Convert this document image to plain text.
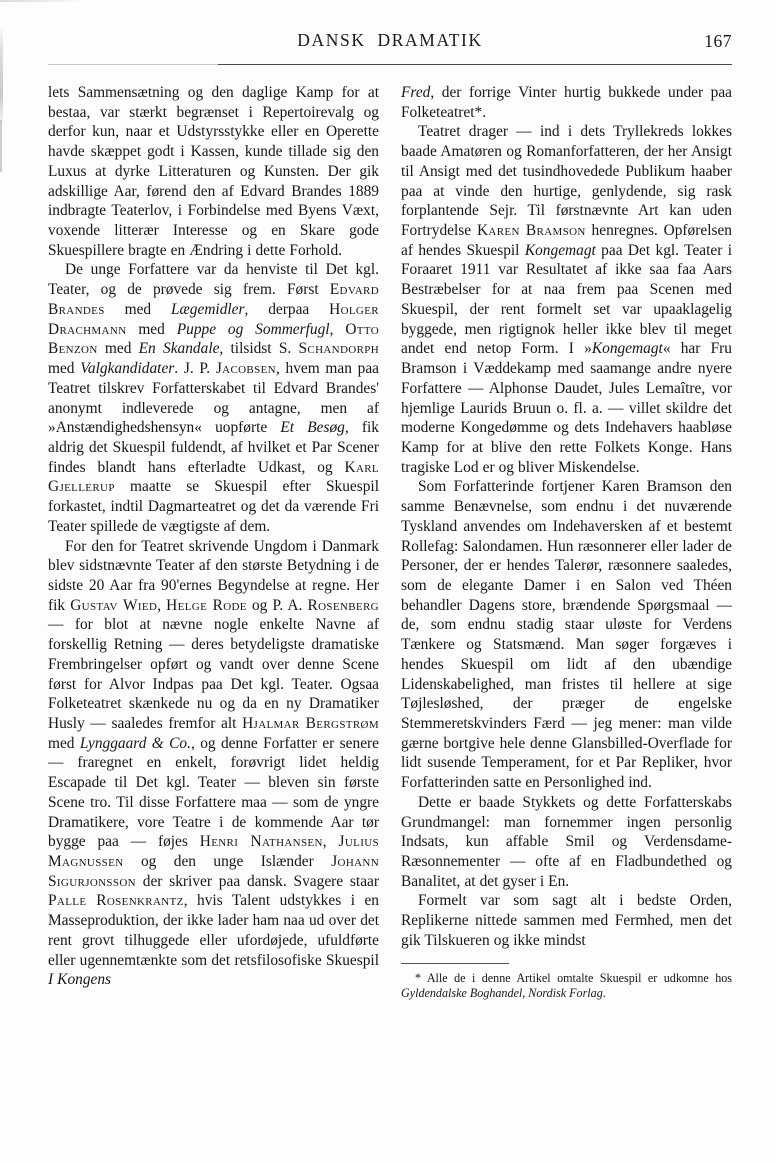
DANSK  DRAMATIK	167

lets Sammensætning og den daglige Kamp for at bestaa, var stærkt begrænset i Repertoirevalg og derfor kun, naar et Udstyrsstykke eller en Operette havde skæppet godt i Kassen, kunde tillade sig den Luxus at dyrke Litteraturen og Kunsten. Der gik adskillige Aar, førend den af Edvard Brandes 1889 indbragte Teaterlov, i Forbindelse med Byens Væxt, voxende litterær Interesse og en Skare gode Skuespillere bragte en Ændring i dette Forhold.

De unge Forfattere var da henviste til Det kgl. Teater, og de prøvede sig frem. Først Edvard Brandes med Lægemidler, derpaa Holger Drachmann med Puppe og Sommerfugl, Otto Benzon med En Skandale, tilsidst S. Schandorph med Valgkandidater. J. P. Jacobsen, hvem man paa Teatret tilskrev Forfatterskabet til Edvard Brandes' anonymt indleverede og antagne, men af »Anstændighedshensyn« uopførte Et Besøg, fik aldrig det Skuespil fuldendt, af hvilket et Par Scener findes blandt hans efterladte Udkast, og Karl Gjellerup maatte se Skuespil efter Skuespil forkastet, indtil Dagmarteatret og det da værende Fri Teater spillede de vægtigste af dem.

For den for Teatret skrivende Ungdom i Danmark blev sidstnævnte Teater af den største Betydning i de sidste 20 Aar fra 90'ernes Begyndelse at regne. Her fik Gustav Wied, Helge Rode og P. A. Rosenberg — for blot at nævne nogle enkelte Navne af forskellig Retning — deres betydeligste dramatiske Frembringelser opført og vandt over denne Scene først for Alvor Indpas paa Det kgl. Teater. Ogsaa Folketeatret skænkede nu og da en ny Dramatiker Husly — saaledes fremfor alt Hjalmar Bergstrøm med Lynggaard & Co., og denne Forfatter er senere — fraregnet en enkelt, forøvrigt lidet heldig Escapade til Det kgl. Teater — bleven sin første Scene tro. Til disse Forfattere maa — som de yngre Dramatikere, vore Teatre i de kommende Aar tør bygge paa — føjes Henri Nathansen, Julius Magnussen og den unge Islænder Johann Sigurjonsson der skriver paa dansk. Svagere staar Palle Rosenkrantz, hvis Talent udstykkes i en Masseproduktion, der ikke lader ham naa ud over det rent grovt tilhuggede eller ufordøjede, ufuldførte eller ugennemtænkte som det retsfilosofiske Skuespil I Kongens

Fred, der forrige Vinter hurtig bukkede under paa Folketeatret*.

Teatret drager — ind i dets Tryllekreds lokkes baade Amatøren og Romanforfatteren, der her Ansigt til Ansigt med det tusindhovedede Publikum haaber paa at vinde den hurtige, genlydende, sig rask forplantende Sejr. Til førstnævnte Art kan uden Fortrydelse Karen Bramson henregnes. Opførelsen af hendes Skuespil Kongemagt paa Det kgl. Teater i Foraaret 1911 var Resultatet af ikke saa faa Aars Bestræbelser for at naa frem paa Scenen med Skuespil, der rent formelt set var upaaklagelig byggede, men rigtignok heller ikke blev til meget andet end netop Form. I »Kongemagt« har Fru Bramson i Væddekamp med saamange andre nyere Forfattere — Alphonse Daudet, Jules Lemaître, vor hjemlige Laurids Bruun o. fl. a. — villet skildre det moderne Kongedømme og dets Indehavers haabløse Kamp for at blive den rette Folkets Konge. Hans tragiske Lod er og bliver Miskendelse.

Som Forfatterinde fortjener Karen Bramson den samme Benævnelse, som endnu i det nuværende Tyskland anvendes om Indehaversken af et bestemt Rollefag: Salondamen. Hun ræsonnerer eller lader de Personer, der er hendes Talerør, ræsonnere saaledes, som de elegante Damer i en Salon ved Théen behandler Dagens store, brændende Spørgsmaal — de, som endnu stadig staar uløste for Verdens Tænkere og Statsmænd. Man søger forgæves i hendes Skuespil om lidt af den ubændige Lidenskabelighed, man fristes til hellere at sige Tøjlesløshed, der præger de engelske Stemmeretskvinders Færd — jeg mener: man vilde gærne bortgive hele denne Glansbilled-Overflade for lidt susende Temperament, for et Par Repliker, hvor Forfatterinden satte en Personlighed ind.

Dette er baade Stykkets og dette Forfatterskabs Grundmangel: man fornemmer ingen personlig Indsats, kun affable Smil og Verdensdame-Ræsonnementer — ofte af en Fladbundethed og Banalitet, at det gyser i En.

Formelt var som sagt alt i bedste Orden, Replikerne nittede sammen med Fermhed, men det gik Tilskueren og ikke mindst

* Alle de i denne Artikel omtalte Skuespil er udkomne hos Gyldendalske Boghandel, Nordisk Forlag.
